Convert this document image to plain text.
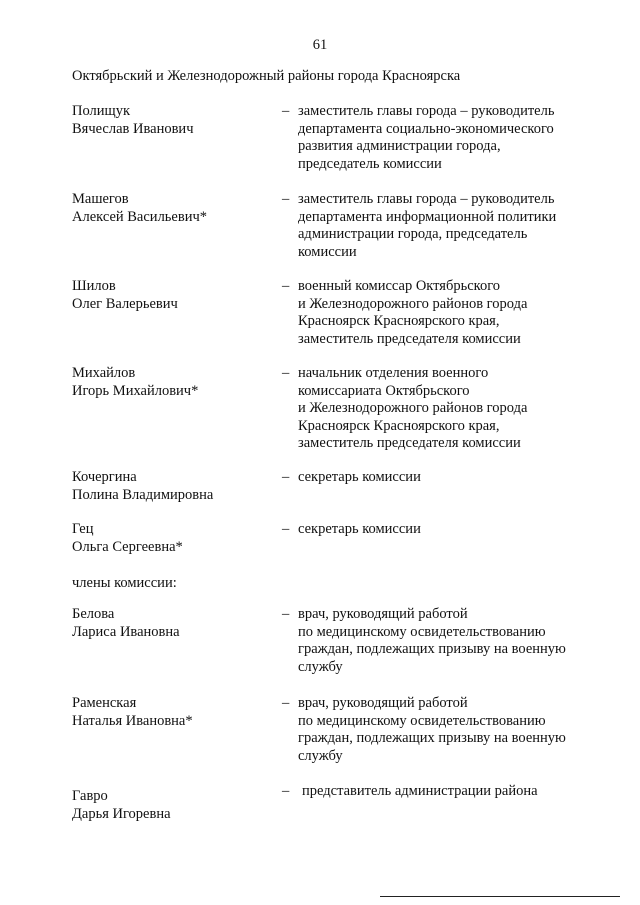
61
Октябрьский и Железнодорожный районы города Красноярска
Полищук
Вячеслав Иванович
– заместитель главы города – руководитель
департамента социально-экономического
развития администрации города,
председатель комиссии
Машегов
Алексей Васильевич*
– заместитель главы города – руководитель
департамента информационной политики
администрации города, председатель
комиссии
Шилов
Олег Валерьевич
– военный комиссар Октябрьского
и Железнодорожного районов города
Красноярск Красноярского края,
заместитель председателя комиссии
Михайлов
Игорь Михайлович*
– начальник отделения военного
комиссариата Октябрьского
и Железнодорожного районов города
Красноярск Красноярского края,
заместитель председателя комиссии
Кочергина
Полина Владимировна
– секретарь комиссии
Гец
Ольга Сергеевна*
– секретарь комиссии
члены комиссии:
Белова
Лариса Ивановна
– врач, руководящий работой
по медицинскому освидетельствованию
граждан, подлежащих призыву на военную
службу
Раменская
Наталья Ивановна*
– врач, руководящий работой
по медицинскому освидетельствованию
граждан, подлежащих призыву на военную
службу
Гавро
Дарья Игоревна
– представитель администрации района
